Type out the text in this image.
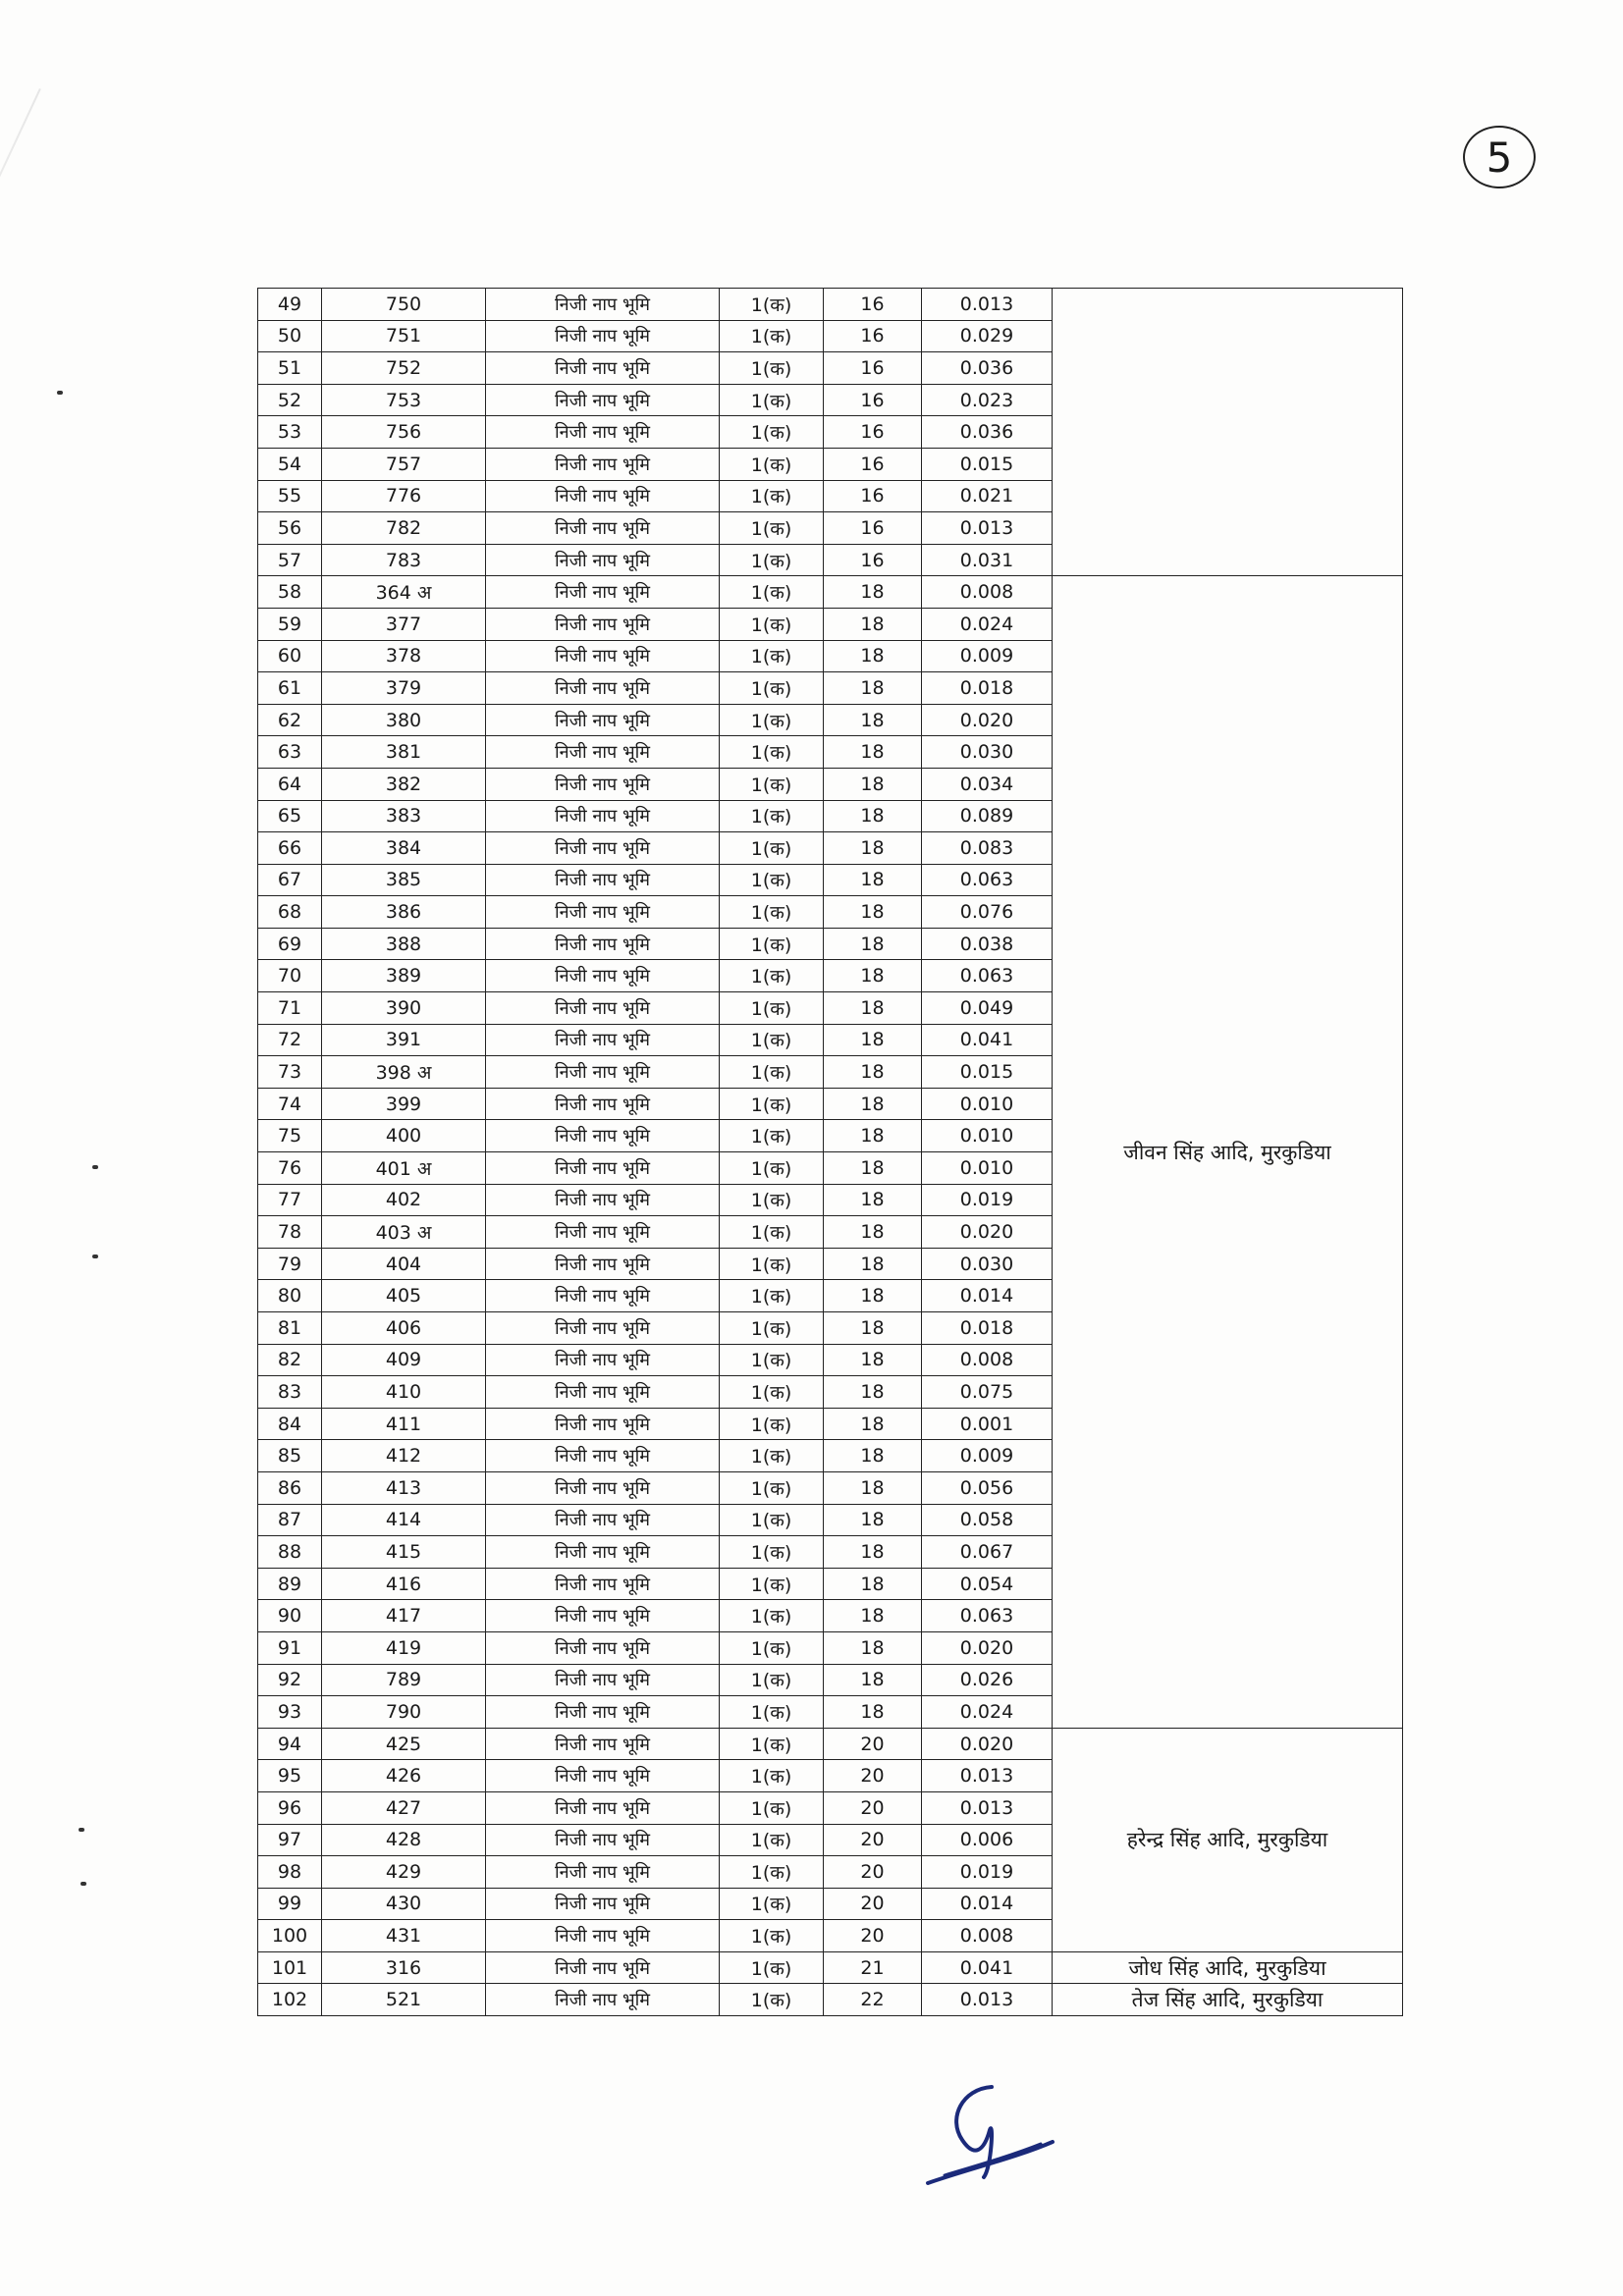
5
49	750	निजी नाप भूमि	1(क)	16	0.013	
50	751	निजी नाप भूमि	1(क)	16	0.029	
51	752	निजी नाप भूमि	1(क)	16	0.036	
52	753	निजी नाप भूमि	1(क)	16	0.023	
53	756	निजी नाप भूमि	1(क)	16	0.036	
54	757	निजी नाप भूमि	1(क)	16	0.015	
55	776	निजी नाप भूमि	1(क)	16	0.021	
56	782	निजी नाप भूमि	1(क)	16	0.013	
57	783	निजी नाप भूमि	1(क)	16	0.031	
58	364 अ	निजी नाप भूमि	1(क)	18	0.008	जीवन सिंह आदि, मुरकुडिया
59	377	निजी नाप भूमि	1(क)	18	0.024	
60	378	निजी नाप भूमि	1(क)	18	0.009	
61	379	निजी नाप भूमि	1(क)	18	0.018	
62	380	निजी नाप भूमि	1(क)	18	0.020	
63	381	निजी नाप भूमि	1(क)	18	0.030	
64	382	निजी नाप भूमि	1(क)	18	0.034	
65	383	निजी नाप भूमि	1(क)	18	0.089	
66	384	निजी नाप भूमि	1(क)	18	0.083	
67	385	निजी नाप भूमि	1(क)	18	0.063	
68	386	निजी नाप भूमि	1(क)	18	0.076	
69	388	निजी नाप भूमि	1(क)	18	0.038	
70	389	निजी नाप भूमि	1(क)	18	0.063	
71	390	निजी नाप भूमि	1(क)	18	0.049	
72	391	निजी नाप भूमि	1(क)	18	0.041	
73	398 अ	निजी नाप भूमि	1(क)	18	0.015	
74	399	निजी नाप भूमि	1(क)	18	0.010	
75	400	निजी नाप भूमि	1(क)	18	0.010	
76	401 अ	निजी नाप भूमि	1(क)	18	0.010	
77	402	निजी नाप भूमि	1(क)	18	0.019	
78	403 अ	निजी नाप भूमि	1(क)	18	0.020	
79	404	निजी नाप भूमि	1(क)	18	0.030	
80	405	निजी नाप भूमि	1(क)	18	0.014	
81	406	निजी नाप भूमि	1(क)	18	0.018	
82	409	निजी नाप भूमि	1(क)	18	0.008	
83	410	निजी नाप भूमि	1(क)	18	0.075	
84	411	निजी नाप भूमि	1(क)	18	0.001	
85	412	निजी नाप भूमि	1(क)	18	0.009	
86	413	निजी नाप भूमि	1(क)	18	0.056	
87	414	निजी नाप भूमि	1(क)	18	0.058	
88	415	निजी नाप भूमि	1(क)	18	0.067	
89	416	निजी नाप भूमि	1(क)	18	0.054	
90	417	निजी नाप भूमि	1(क)	18	0.063	
91	419	निजी नाप भूमि	1(क)	18	0.020	
92	789	निजी नाप भूमि	1(क)	18	0.026	
93	790	निजी नाप भूमि	1(क)	18	0.024	
94	425	निजी नाप भूमि	1(क)	20	0.020	हरेन्द्र सिंह आदि, मुरकुडिया
95	426	निजी नाप भूमि	1(क)	20	0.013	
96	427	निजी नाप भूमि	1(क)	20	0.013	
97	428	निजी नाप भूमि	1(क)	20	0.006	
98	429	निजी नाप भूमि	1(क)	20	0.019	
99	430	निजी नाप भूमि	1(क)	20	0.014	
100	431	निजी नाप भूमि	1(क)	20	0.008	
101	316	निजी नाप भूमि	1(क)	21	0.041	जोध सिंह आदि, मुरकुडिया
102	521	निजी नाप भूमि	1(क)	22	0.013	तेज सिंह आदि, मुरकुडिया
